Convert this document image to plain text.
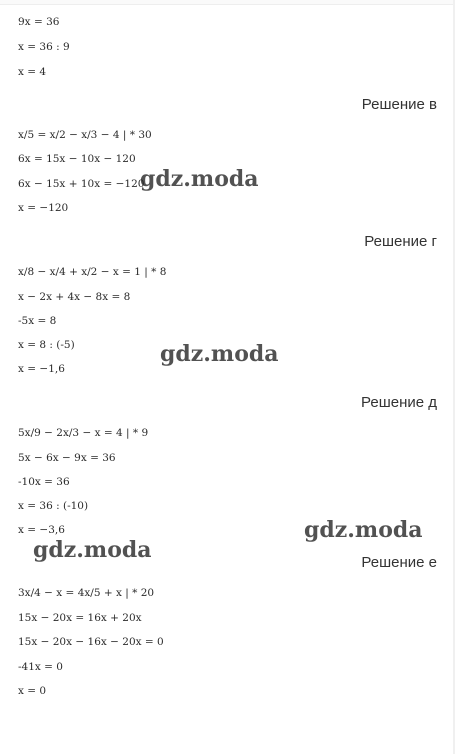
9x = 36
x = 36 : 9
x = 4
Решение в
x/5 = x/2 − x/3 − 4 | * 30
6x = 15x − 10x − 120
6x − 15x + 10x = −120
x = −120
Решение г
x/8 − x/4 + x/2 − x = 1 | * 8
x − 2x + 4x − 8x = 8
-5x = 8
x = 8 : (-5)
x = −1,6
Решение д
5x/9 − 2x/3 − x = 4 | * 9
5x − 6x − 9x = 36
-10x = 36
x = 36 : (-10)
x = −3,6
Решение е
3x/4 − x = 4x/5 + x | * 20
15x − 20x = 16x + 20x
15x − 20x − 16x − 20x = 0
-41x = 0
x = 0
gdz.moda
gdz.moda
gdz.moda
gdz.moda
